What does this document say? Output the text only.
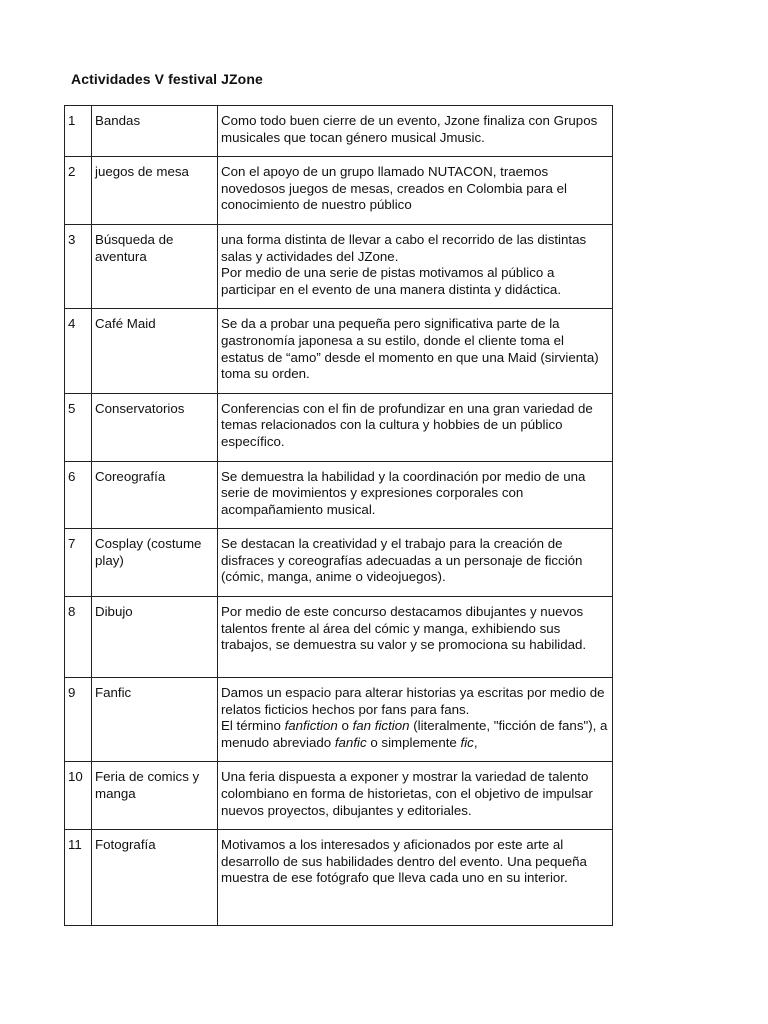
Actividades V festival JZone
1	Bandas	Como todo buen cierre de un evento, Jzone finaliza con Grupos musicales que tocan género musical Jmusic.

2	juegos de mesa	Con el apoyo de un grupo llamado NUTACON, traemos novedosos juegos de mesas, creados en Colombia para el conocimiento de nuestro público

3	Búsqueda de aventura	una forma distinta de llevar a cabo el recorrido de las distintas salas y actividades del JZone.
Por medio de una serie de pistas motivamos al público a participar en el evento de una manera distinta y didáctica.

4	Café Maid	Se da a probar una pequeña pero significativa parte de la gastronomía japonesa a su estilo, donde el cliente toma el estatus de “amo” desde el momento en que una Maid (sirvienta) toma su orden.

5	Conservatorios	Conferencias con el fin de profundizar en una gran variedad de temas relacionados con la cultura y hobbies de un público específico.

6	Coreografía	Se demuestra la habilidad y la coordinación por medio de una serie de movimientos y expresiones corporales con acompañamiento musical.

7	Cosplay (costume play)	Se destacan la creatividad y el trabajo para la creación de disfraces y coreografías adecuadas a un personaje de ficción (cómic, manga, anime o videojuegos).

8	Dibujo	Por medio de este concurso destacamos dibujantes y nuevos talentos frente al área del cómic y manga, exhibiendo sus trabajos, se demuestra su valor y se promociona su habilidad.

9	Fanfic	Damos un espacio para alterar historias ya escritas por medio de relatos ficticios hechos por fans para fans.
El término fanfiction o fan fiction (literalmente, "ficción de fans"), a menudo abreviado fanfic o simplemente fic,

10	Feria de comics y manga	Una feria dispuesta a exponer y mostrar la variedad de talento colombiano en forma de historietas, con el objetivo de impulsar nuevos proyectos, dibujantes y editoriales.

11	Fotografía	Motivamos a los interesados y aficionados por este arte al desarrollo de sus habilidades dentro del evento. Una pequeña muestra de ese fotógrafo que lleva cada uno en su interior.
